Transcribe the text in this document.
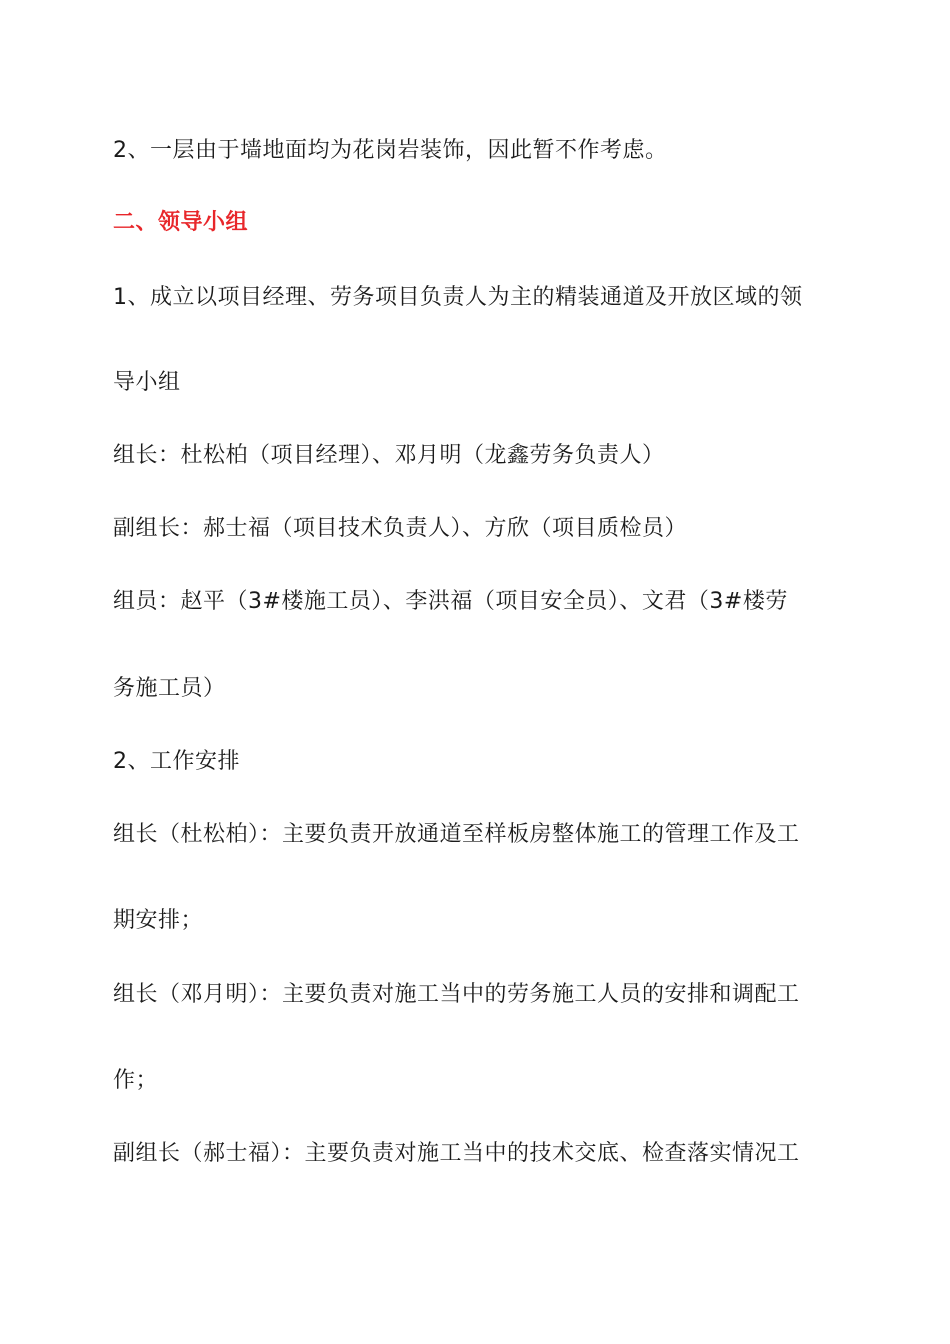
2、一层由于墙地面均为花岗岩装饰，因此暂不作考虑。
二、领导小组
1、成立以项目经理、劳务项目负责人为主的精装通道及开放区域的领
导小组
组长：杜松柏（项目经理）、邓月明（龙鑫劳务负责人）
副组长：郝士福（项目技术负责人）、方欣（项目质检员）
组员：赵平（3#楼施工员）、李洪福（项目安全员）、文君（3#楼劳
务施工员）
2、工作安排
组长（杜松柏）：主要负责开放通道至样板房整体施工的管理工作及工
期安排；
组长（邓月明）：主要负责对施工当中的劳务施工人员的安排和调配工
作；
副组长（郝士福）：主要负责对施工当中的技术交底、检查落实情况工
